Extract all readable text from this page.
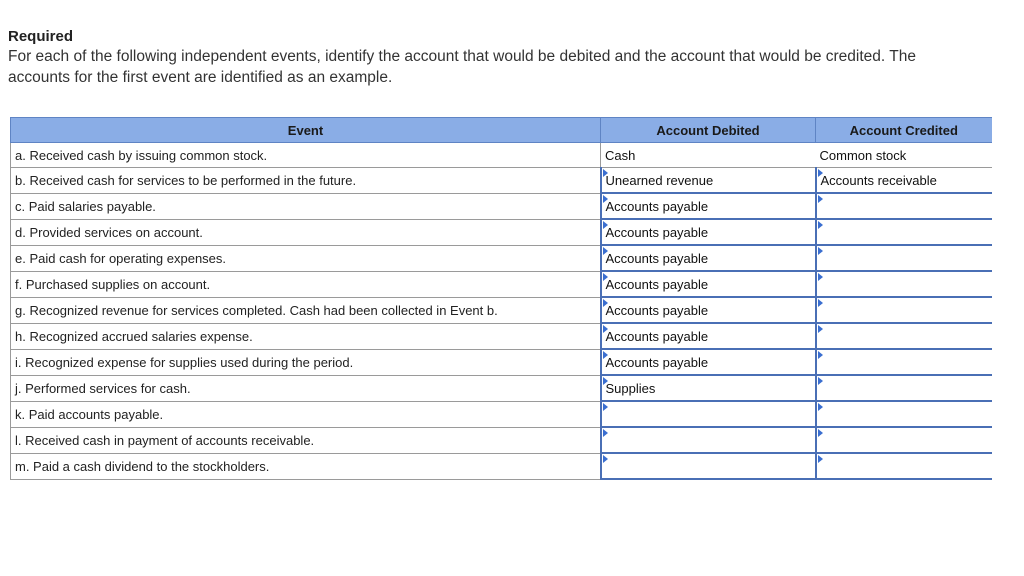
Required
For each of the following independent events, identify the account that would be debited and the account that would be credited. The accounts for the first event are identified as an example.
Event	Account Debited	Account Credited
a. Received cash by issuing common stock.	Cash	Common stock
b. Received cash for services to be performed in the future.	Unearned revenue	Accounts receivable
c. Paid salaries payable.	Accounts payable	

d. Provided services on account.	Accounts payable	

e. Paid cash for operating expenses.	Accounts payable	

f. Purchased supplies on account.	Accounts payable	

g. Recognized revenue for services completed. Cash had been collected in Event b.	Accounts payable	

h. Recognized accrued salaries expense.	Accounts payable	

i. Recognized expense for supplies used during the period.	Accounts payable	

j. Performed services for cash.	Supplies	

k. Paid accounts payable.	

l. Received cash in payment of accounts receivable.	

m. Paid a cash dividend to the stockholders.	
